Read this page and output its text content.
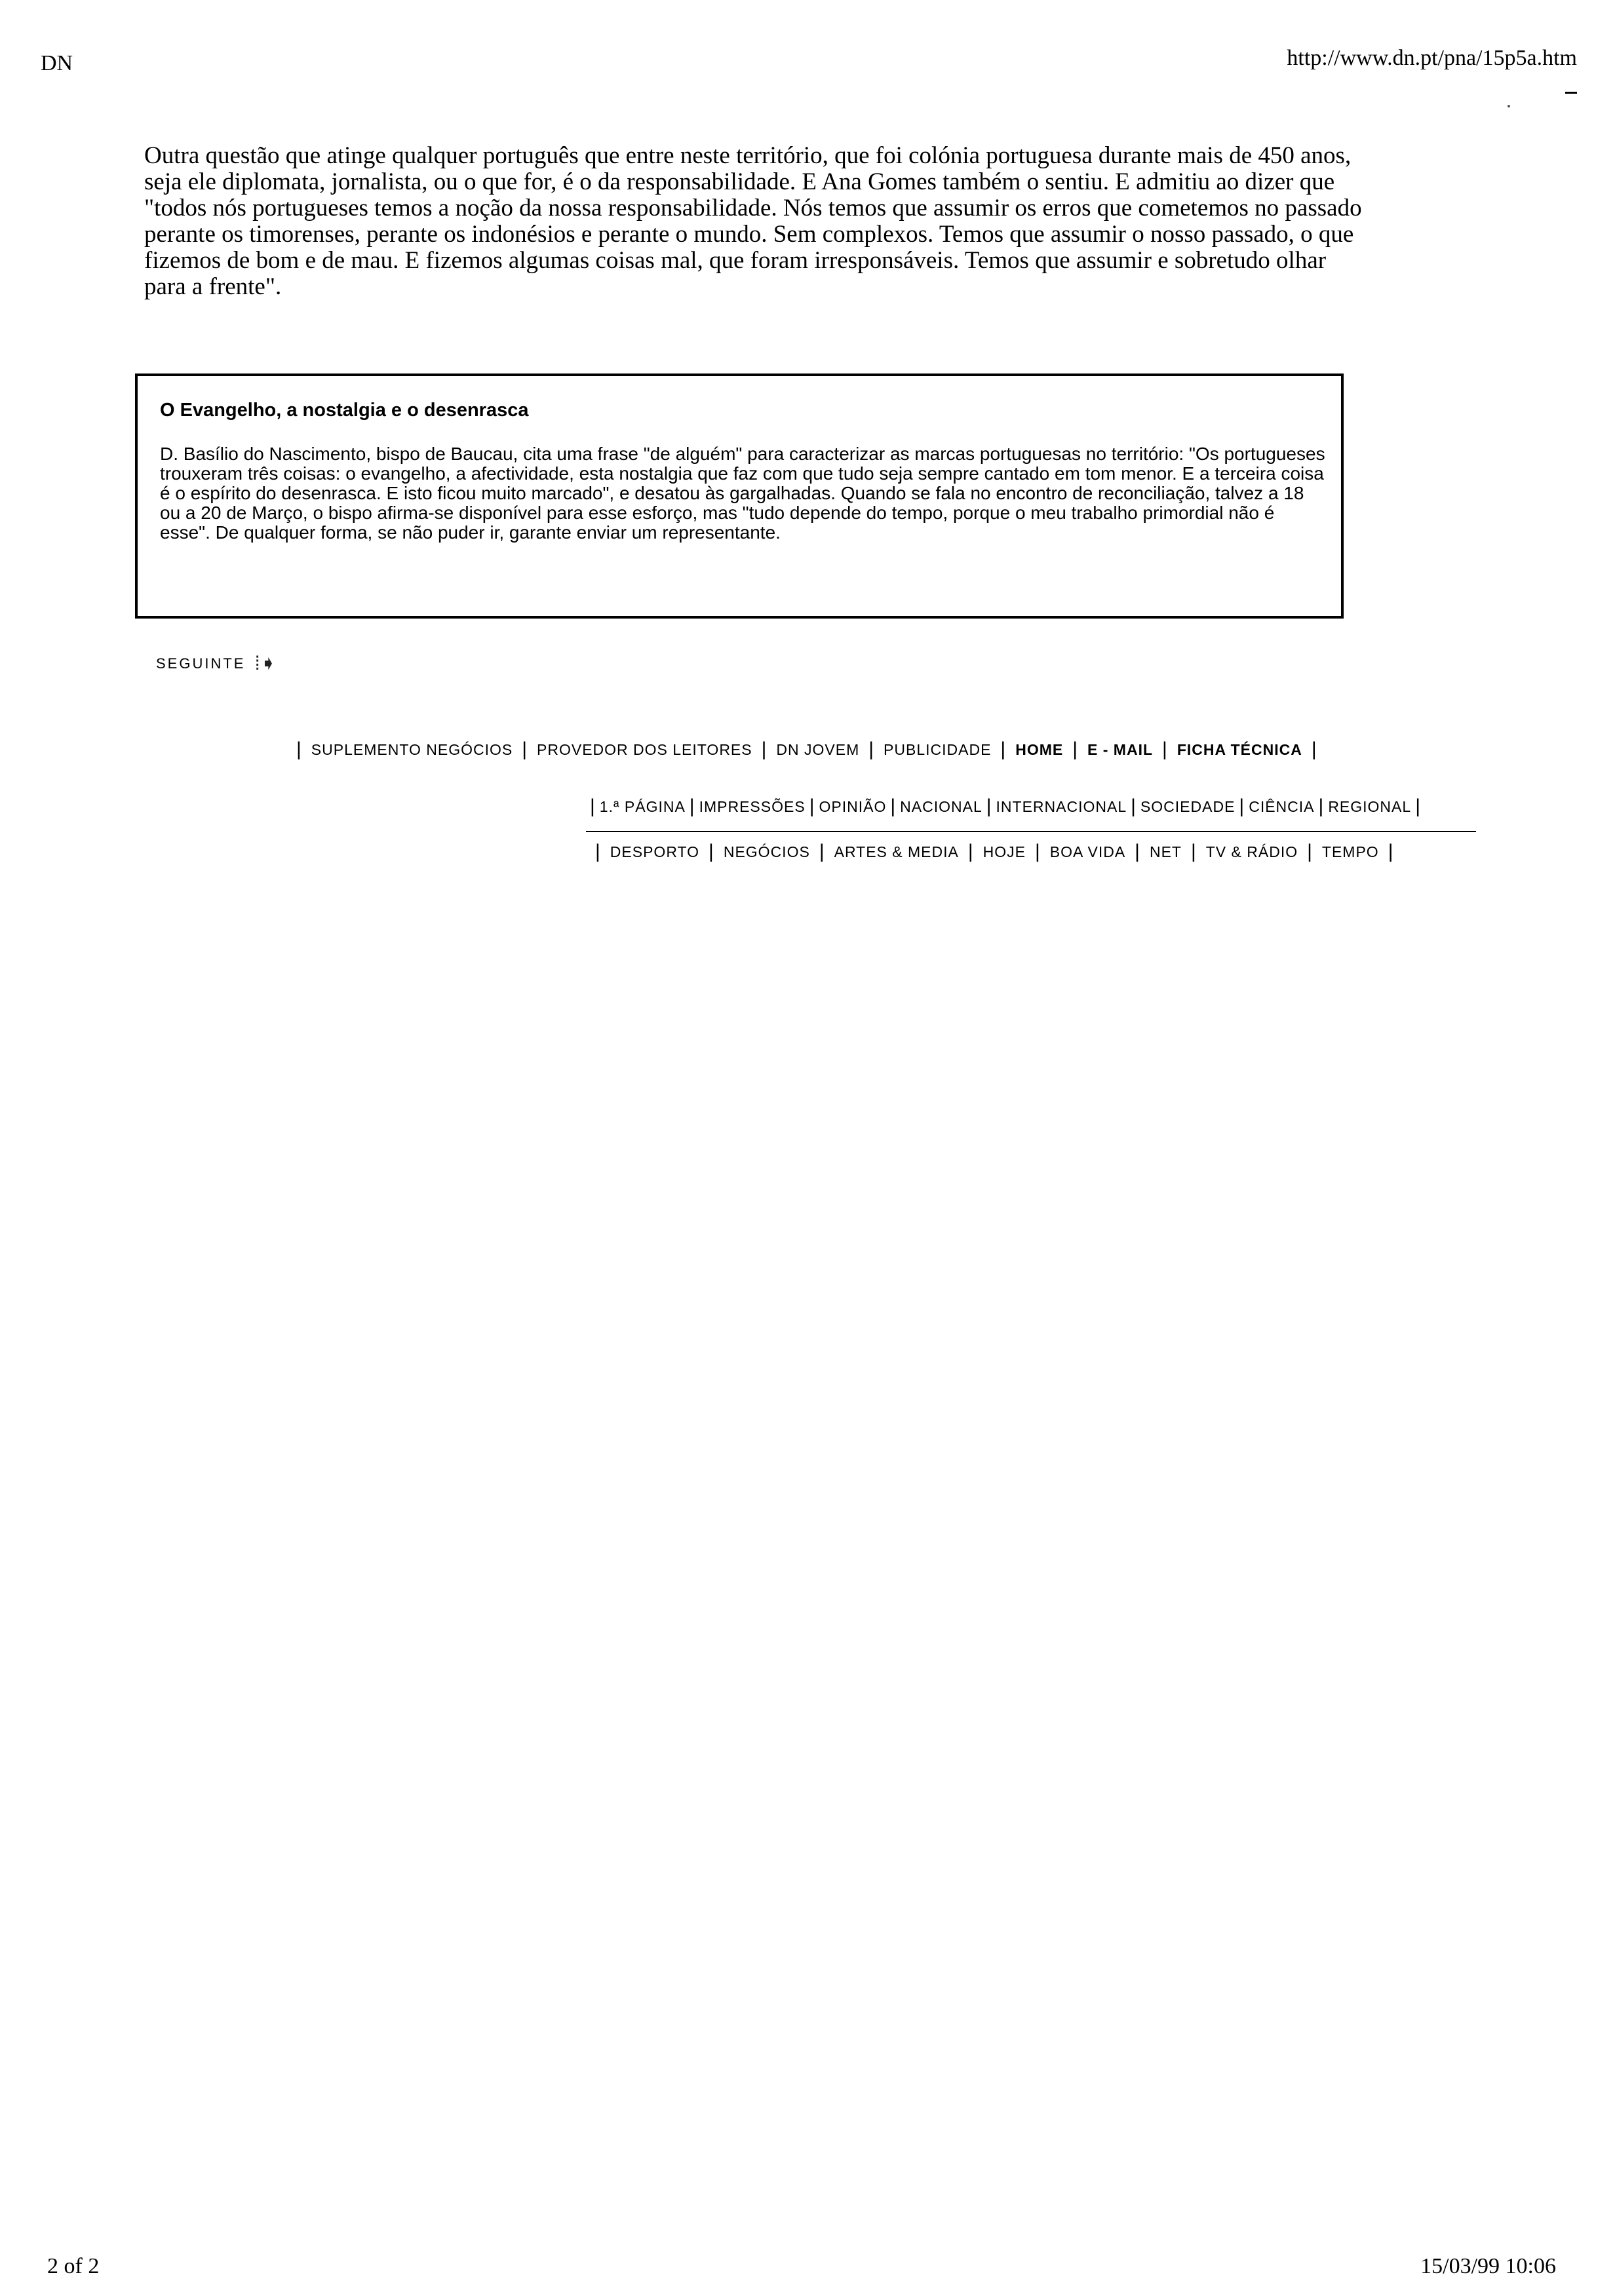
DN	http://www.dn.pt/pna/15p5a.htm

Outra questão que atinge qualquer português que entre neste território, que foi colónia portuguesa durante mais de 450 anos, seja ele diplomata, jornalista, ou o que for, é o da responsabilidade. E Ana Gomes também o sentiu. E admitiu ao dizer que "todos nós portugueses temos a noção da nossa responsabilidade. Nós temos que assumir os erros que cometemos no passado perante os timorenses, perante os indonésios e perante o mundo. Sem complexos. Temos que assumir o nosso passado, o que fizemos de bom e de mau. E fizemos algumas coisas mal, que foram irresponsáveis. Temos que assumir e sobretudo olhar para a frente".

O Evangelho, a nostalgia e o desenrasca

D. Basílio do Nascimento, bispo de Baucau, cita uma frase "de alguém" para caracterizar as marcas portuguesas no território: "Os portugueses trouxeram três coisas: o evangelho, a afectividade, esta nostalgia que faz com que tudo seja sempre cantado em tom menor. E a terceira coisa é o espírito do desenrasca. E isto ficou muito marcado", e desatou às gargalhadas. Quando se fala no encontro de reconciliação, talvez a 18 ou a 20 de Março, o bispo afirma-se disponível para esse esforço, mas "tudo depende do tempo, porque o meu trabalho primordial não é esse". De qualquer forma, se não puder ir, garante enviar um representante.

SEGUINTE ⁞➧
| SUPLEMENTO NEGÓCIOS | PROVEDOR DOS LEITORES | DN JOVEM | PUBLICIDADE | HOME | E - MAIL | FICHA TÉCNICA |
| 1.ª PÁGINA | IMPRESSÕES | OPINIÃO | NACIONAL | INTERNACIONAL | SOCIEDADE | CIÊNCIA | REGIONAL |
| DESPORTO | NEGÓCIOS | ARTES & MEDIA | HOJE | BOA VIDA | NET | TV & RÁDIO | TEMPO |
2 of 2	15/03/99 10:06
